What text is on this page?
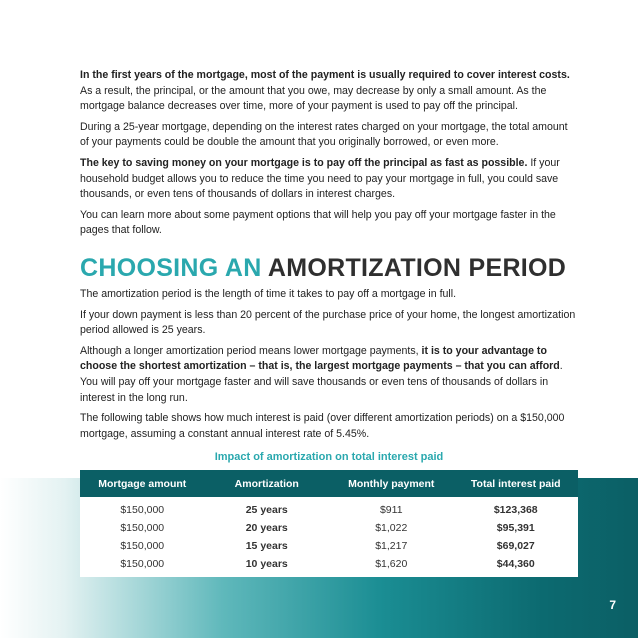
In the first years of the mortgage, most of the payment is usually required to cover interest costs. As a result, the principal, or the amount that you owe, may decrease by only a small amount. As the mortgage balance decreases over time, more of your payment is used to pay off the principal.

During a 25-year mortgage, depending on the interest rates charged on your mortgage, the total amount of your payments could be double the amount that you originally borrowed, or even more.

The key to saving money on your mortgage is to pay off the principal as fast as possible. If your household budget allows you to reduce the time you need to pay your mortgage in full, you could save thousands, or even tens of thousands of dollars in interest charges.

You can learn more about some payment options that will help you pay off your mortgage faster in the pages that follow.

CHOOSING AN AMORTIZATION PERIOD

The amortization period is the length of time it takes to pay off a mortgage in full.

If your down payment is less than 20 percent of the purchase price of your home, the longest amortization period allowed is 25 years.

Although a longer amortization period means lower mortgage payments, it is to your advantage to choose the shortest amortization – that is, the largest mortgage payments – that you can afford. You will pay off your mortgage faster and will save thousands or even tens of thousands of dollars in interest in the long run.

The following table shows how much interest is paid (over different amortization periods) on a $150,000 mortgage, assuming a constant annual interest rate of 5.45%.

Impact of amortization on total interest paid
Mortgage amount	Amortization	Monthly payment	Total interest paid
$150,000	25 years	$911	$123,368
$150,000	20 years	$1,022	$95,391
$150,000	15 years	$1,217	$69,027
$150,000	10 years	$1,620	$44,360
7
